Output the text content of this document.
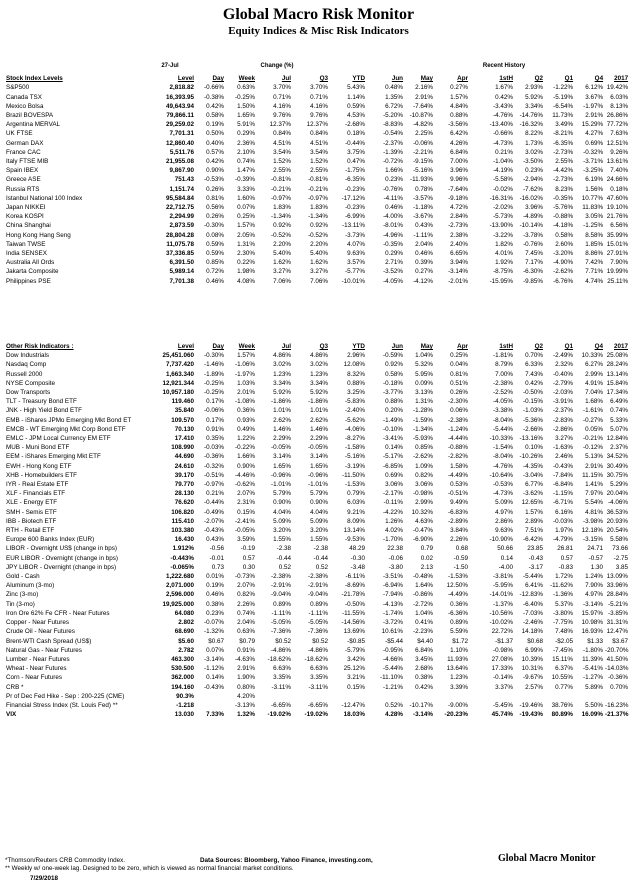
Global Macro Risk Monitor
Equity Indices & Misc Risk Indicators
	27-Jul		Change (%)						Recent History						

Stock Index Levels	Level	Day	Week	Jul	Q3	YTD	Jun	May	Apr	1stH	Q2	Q1	Q4	2017	
S&P500	2,818.82	-0.66%	0.63%	3.70%	3.70%	5.43%	0.48%	2.16%	0.27%	1.67%	2.93%	-1.22%	6.12%	19.42%	
Canada TSX	16,393.95	-0.38%	-0.25%	0.71%	0.71%	1.14%	1.35%	2.91%	1.57%	0.42%	5.92%	-5.19%	3.67%	6.03%	
Mexico Bolsa	49,643.94	0.42%	1.50%	4.16%	4.16%	0.59%	6.72%	-7.64%	4.84%	-3.43%	3.34%	-6.54%	-1.97%	8.13%	
Brazil BOVESPA	79,866.11	0.58%	1.65%	9.76%	9.76%	4.53%	-5.20%	-10.87%	0.88%	-4.76%	-14.76%	11.73%	2.91%	26.86%	
Argentina MERVAL	29,259.02	0.19%	5.91%	12.37%	12.37%	-2.68%	-8.83%	-4.82%	-3.56%	-13.40%	-16.32%	3.49%	15.29%	77.72%	
UK FTSE	7,701.31	0.50%	0.29%	0.84%	0.84%	0.18%	-0.54%	2.25%	6.42%	-0.66%	8.22%	-8.21%	4.27%	7.63%	
German DAX	12,860.40	0.40%	2.36%	4.51%	4.51%	-0.44%	-2.37%	-0.06%	4.26%	-4.73%	1.73%	-6.35%	0.69%	12.51%	
France CAC	5,511.76	0.57%	2.10%	3.54%	3.54%	3.75%	-1.39%	-2.21%	6.84%	0.21%	3.02%	-2.73%	-0.32%	9.26%	
Italy FTSE MIB	21,955.08	0.42%	0.74%	1.52%	1.52%	0.47%	-0.72%	-9.15%	7.00%	-1.04%	-3.50%	2.55%	-3.71%	13.61%	
Spain IBEX	9,867.90	0.90%	1.47%	2.55%	2.55%	-1.75%	1.66%	-5.16%	3.96%	-4.19%	0.23%	-4.42%	-3.25%	7.40%	
Greece ASE	751.43	-0.53%	-0.39%	-0.81%	-0.81%	-6.35%	0.23%	-11.93%	9.96%	-5.58%	-2.94%	-2.73%	6.19%	24.66%	
Russia RTS	1,151.74	0.26%	3.33%	-0.21%	-0.21%	-0.23%	-0.76%	0.78%	-7.64%	-0.02%	-7.62%	8.23%	1.56%	0.18%	
Istanbul National 100 Index	95,584.84	0.81%	1.60%	-0.97%	-0.97%	-17.12%	-4.11%	-3.57%	-9.18%	-16.31%	-16.02%	-0.35%	10.77%	47.60%	
Japan NIKKEI	22,712.75	0.56%	0.07%	1.83%	1.83%	-0.23%	0.46%	-1.18%	4.72%	-2.02%	3.96%	-5.76%	11.83%	19.10%	
Korea KOSPI	2,294.99	0.26%	0.25%	-1.34%	-1.34%	-6.99%	-4.00%	-3.67%	2.84%	-5.73%	-4.89%	-0.88%	3.05%	21.76%	
China Shanghai	2,873.59	-0.30%	1.57%	0.92%	0.92%	-13.11%	-8.01%	0.43%	-2.73%	-13.90%	-10.14%	-4.18%	-1.25%	6.56%	
Hong Kong Hang Seng	28,804.28	0.08%	2.05%	-0.52%	-0.52%	-3.73%	-4.96%	-1.11%	2.38%	-3.22%	-3.78%	0.58%	8.58%	35.99%	
Taiwan TWSE	11,075.78	0.59%	1.31%	2.20%	2.20%	4.07%	-0.35%	2.04%	2.40%	1.82%	-0.76%	2.60%	1.85%	15.01%	
India SENSEX	37,336.85	0.59%	2.30%	5.40%	5.40%	9.63%	0.29%	0.46%	6.65%	4.01%	7.45%	-3.20%	8.86%	27.91%	
Australia All Ords	6,391.50	0.85%	0.22%	1.62%	1.62%	3.57%	2.71%	0.39%	3.94%	1.92%	7.17%	-4.90%	7.42%	7.90%	
Jakarta Composite	5,989.14	0.72%	1.98%	3.27%	3.27%	-5.77%	-3.52%	0.27%	-3.14%	-8.75%	-6.30%	-2.62%	7.71%	19.99%	
Philippines PSE	7,701.38	0.46%	4.08%	7.06%	7.06%	-10.01%	-4.05%	-4.12%	-2.01%	-15.95%	-9.85%	-6.76%	4.74%	25.11%	
Other Risk Indicators :	Level	Day	Week	Jul	Q3	YTD	Jun	May	Apr	1stH	Q2	Q1	Q4	2017
Dow Industrials	25,451.060	-0.30%	1.57%	4.86%	4.86%	2.96%	-0.59%	1.04%	0.25%	-1.81%	0.70%	-2.49%	10.33%	25.08%
Nasdaq Comp	7,737.420	-1.46%	-1.06%	3.02%	3.02%	12.08%	0.92%	5.32%	0.04%	8.79%	6.33%	2.32%	6.27%	28.24%
Russell 2000	1,663.340	-1.89%	-1.97%	1.23%	1.23%	8.32%	0.58%	5.95%	0.81%	7.00%	7.43%	-0.40%	2.99%	13.14%
NYSE Composite	12,921.344	-0.25%	1.03%	3.34%	3.34%	0.88%	-0.18%	0.09%	0.51%	-2.38%	0.42%	-2.79%	4.91%	15.84%
Dow Transports	10,957.180	-0.25%	2.01%	5.92%	5.92%	3.25%	-3.77%	3.13%	0.26%	-2.52%	-0.50%	-2.03%	7.04%	17.34%
TLT - Treasury Bond ETF	119.460	0.17%	-1.08%	-1.86%	-1.86%	-5.83%	0.88%	1.31%	-2.30%	-4.05%	-0.15%	-3.91%	1.68%	6.49%
JNK - High Yield Bond ETF	35.840	-0.06%	0.36%	1.01%	1.01%	-2.40%	0.20%	-1.28%	0.06%	-3.38%	-1.03%	-2.37%	-1.61%	0.74%
EMB - iShares JPMo Emerging Mkt Bond ET	109.570	0.17%	0.93%	2.62%	2.62%	-5.62%	-1.49%	-1.59%	-2.38%	-8.04%	-5.36%	-2.83%	-0.27%	5.33%
EMCB - WT Emerging Mkt Corp Bond ETF	70.130	0.91%	0.49%	1.46%	1.46%	-4.06%	-0.10%	-1.34%	-1.24%	-5.44%	-2.66%	-2.86%	0.05%	5.07%
EMLC - JPM Local Currency EM ETF	17.410	0.35%	1.22%	2.29%	2.29%	-8.27%	-3.41%	-5.93%	-4.44%	-10.33%	-13.16%	3.27%	-0.21%	12.84%
MUB - Muni Bond ETF	108.990	-0.03%	-0.22%	-0.05%	-0.05%	-1.58%	0.14%	0.85%	-0.88%	-1.54%	0.10%	-1.63%	-0.12%	2.37%
EEM - iShares Emerging Mkt ETF	44.690	-0.36%	1.66%	3.14%	3.14%	-5.16%	-5.17%	-2.62%	-2.82%	-8.04%	-10.26%	2.46%	5.13%	34.52%
EWH - Hong Kong ETF	24.610	-0.32%	0.90%	1.65%	1.65%	-3.19%	-6.85%	1.09%	1.58%	-4.76%	-4.35%	-0.43%	2.91%	30.49%
XHB - Homebuilders ETF	39.170	-0.51%	-4.46%	-0.96%	-0.96%	-11.50%	0.69%	0.82%	-4.49%	-10.64%	-3.04%	-7.84%	11.15%	30.75%
IYR - Real Estate ETF	79.770	-0.97%	-0.62%	-1.01%	-1.01%	-1.53%	3.06%	3.06%	0.53%	-0.53%	6.77%	-6.84%	1.41%	5.29%
XLF - Financials ETF	28.130	0.21%	2.07%	5.79%	5.79%	0.79%	-2.17%	-0.98%	-0.51%	-4.73%	-3.62%	-1.15%	7.97%	20.04%
XLE - Energy ETF	76.620	-0.44%	2.31%	0.90%	0.90%	6.03%	-0.11%	2.99%	9.49%	5.09%	12.65%	-6.71%	5.54%	-4.06%
SMH - Semis ETF	106.820	-0.49%	0.15%	4.04%	4.04%	9.21%	-4.22%	10.32%	-6.83%	4.97%	1.57%	6.16%	4.81%	36.53%
IBB - Biotech ETF	115.410	-2.07%	-2.41%	5.09%	5.09%	8.09%	1.26%	4.63%	-2.89%	2.86%	2.89%	-0.03%	-3.98%	20.93%
RTH - Retail ETF	103.380	-0.43%	-0.05%	3.20%	3.20%	13.14%	4.02%	-0.47%	3.84%	9.63%	7.51%	1.97%	12.18%	20.54%
Europe 600 Banks Index (EUR)	16.430	0.43%	3.59%	1.55%	1.55%	-9.53%	-1.70%	-6.90%	2.26%	-10.90%	-6.42%	-4.79%	-3.15%	5.58%
LIBOR - Overnight US$ (change in bps)	1.912%	-0.56	-0.19	-2.38	-2.38	48.29	22.38	0.79	0.68	50.66	23.85	26.81	24.71	73.66
EUR LIBOR - Overnight (change in bps)	-0.443%	-0.01	0.57	-0.44	-0.44	-0.30	-0.06	0.02	-0.59	0.14	-0.43	0.57	-0.57	-2.75
JPY LIBOR - Overnight (change in bps)	-0.065%	0.73	0.30	0.52	0.52	-3.48	-3.80	2.13	-1.50	-4.00	-3.17	-0.83	1.30	3.85
Gold - Cash	1,222.680	0.01%	-0.73%	-2.38%	-2.38%	-6.11%	-3.51%	-0.48%	-1.53%	-3.81%	-5.44%	1.72%	1.24%	13.09%
Aluminum (3-mo)	2,071.000	0.19%	2.07%	-2.91%	-2.91%	-8.69%	-6.94%	1.64%	12.50%	-5.95%	6.41%	-11.62%	7.90%	33.96%
Zinc (3-mo)	2,596.000	0.46%	0.82%	-9.04%	-9.04%	-21.78%	-7.94%	-0.86%	-4.49%	-14.01%	-12.83%	-1.36%	4.97%	28.84%
Tin (3-mo)	19,925.000	0.38%	2.26%	0.89%	0.89%	-0.50%	-4.13%	-2.72%	0.36%	-1.37%	-6.40%	5.37%	-3.14%	-5.21%
Iron Ore 62% Fe CFR - Near Futures	64.080	0.23%	0.74%	-1.11%	-1.11%	-11.55%	-1.74%	1.04%	-6.36%	-10.56%	-7.03%	-3.80%	15.97%	-3.85%
Copper - Near Futures	2.802	-0.07%	2.04%	-5.05%	-5.05%	-14.56%	-3.72%	0.41%	0.89%	-10.02%	-2.46%	-7.75%	10.98%	31.31%
Crude Oil - Near Futures	68.690	-1.32%	0.63%	-7.36%	-7.36%	13.69%	10.61%	-2.23%	5.59%	22.72%	14.18%	7.48%	16.93%	12.47%
Brent-WTI Cash Spread (US$)	$5.60	$0.67	$0.79	$0.52	$0.52	-$0.85	-$5.44	$4.40	$1.72	-$1.37	$0.68	-$2.05	$1.33	$3.67
Natural Gas - Near Futures	2.782	0.07%	0.91%	-4.86%	-4.86%	-5.79%	-0.95%	6.84%	1.10%	-0.98%	6.99%	-7.45%	-1.80%	-20.70%
Lumber - Near Futures	463.300	-3.14%	-4.63%	-18.62%	-18.62%	3.42%	-4.66%	3.45%	11.93%	27.08%	10.39%	15.11%	11.39%	41.50%
Wheat - Near Futures	530.500	-1.12%	2.91%	6.63%	6.63%	25.12%	-5.44%	2.68%	13.64%	17.33%	10.31%	6.37%	-5.41%	-14.03%
Corn - Near Futures	362.000	0.14%	1.90%	3.35%	3.35%	3.21%	-11.10%	0.38%	1.23%	-0.14%	-9.67%	10.55%	-1.27%	-0.36%
CRB *	194.160	-0.43%	0.80%	-3.11%	-3.11%	0.15%	-1.21%	0.42%	3.39%	3.37%	2.57%	0.77%	5.89%	0.70%
Pr of Dec Fed Hike - Sep : 200-225 (CME)	90.3%		4.20%											
Financial Stress Index (St. Louis Fed) **	-1.218		-3.13%	-6.65%	-6.65%	-12.47%	0.52%	-10.17%	-9.00%	-5.45%	-19.46%	38.76%	5.50%	-16.23%
VIX	13.030	7.33%	1.32%	-19.02%	-19.02%	18.03%	4.28%	-3.14%	-20.23%	45.74%	-19.43%	80.89%	16.09%	-21.37%
*Thomson/Reuters CRB Commodity Index.	Data Sources: Bloomberg, Yahoo Finance, investing.com,	Global Macro Monitor
** Weekly w/ one-week lag. Designed to be zero, which is viewed as normal financial market conditions.
7/29/2018
